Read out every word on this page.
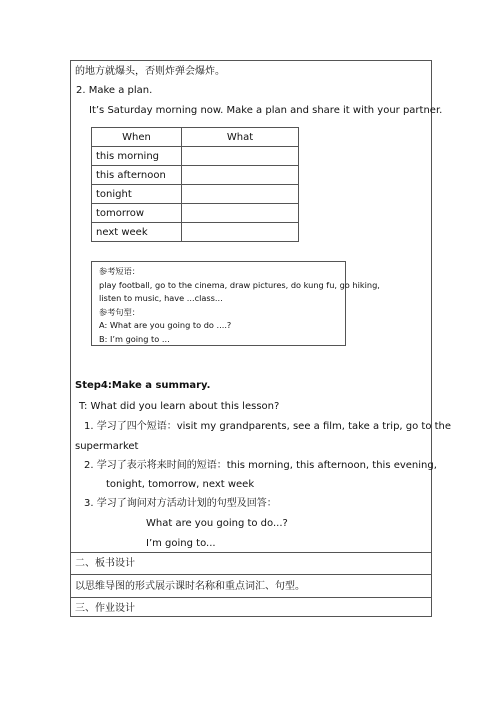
的地方就爆头，否则炸弹会爆炸。
2. Make a plan.
It’s Saturday morning now. Make a plan and share it with your partner.
When	What
this morning	
this afternoon	
tonight	
tomorrow	
next week	
参考短语：
play football, go to the cinema, draw pictures, do kung fu, go hiking,
listen to music, have ...class...
参考句型：
A: What are you going to do ....?
B: I’m going to ...
Step4:Make a summary.
T: What did you learn about this lesson?
1. 学习了四个短语：visit my grandparents, see a film, take a trip, go to the
supermarket
2. 学习了表示将来时间的短语：this morning, this afternoon, this evening,
tonight, tomorrow, next week
3. 学习了询问对方活动计划的句型及回答：
What are you going to do...?
I’m going to...
二、板书设计
以思维导图的形式展示课时名称和重点词汇、句型。
三、作业设计
